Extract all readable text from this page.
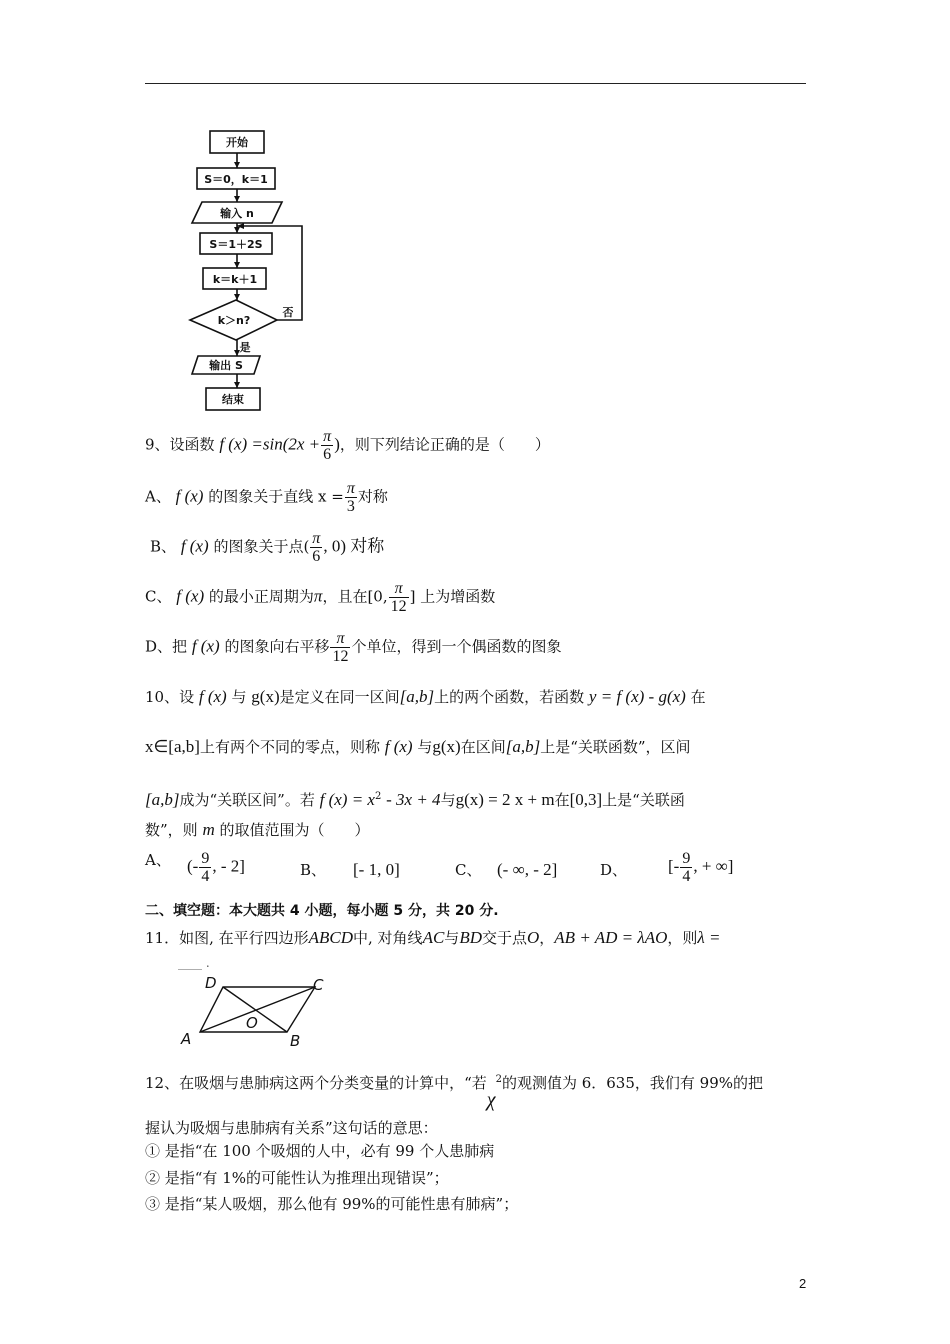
开始
S＝0，k＝1
输入 n
S＝1＋2S
k＝k＋1
k＞n?
否
是
输出 S
结束
9、设函数 f $(x) =\sin(2x + \frac{\pi}{6}$ )，则下列结论正确的是（　　）
A、 f (x) 的图象关于直线 $x = \frac{\pi}{3}$ 对称
B、 f (x) 的图象关于点( $\frac{\pi}{6}$ , 0) 对称
C、 f (x) 的最小正周期为π，且在[0, $\frac{\pi}{12}$ ] 上为增函数
D、把 f (x) 的图象向右平移 $\frac{\pi}{12}$ 个单位，得到一个偶函数的图象
10、设 f (x) 与 g(x)是定义在同一区间[a,b]上的两个函数，若函数 y = f (x) - g(x) 在
x∈[a,b]上有两个不同的零点，则称 f (x) 与g(x)在区间[a,b]上是“关联函数”，区间
[a,b]成为“关联区间”。若 f $(x) = x^2 - 3x + 4$与g(x) = 2 x + m在[0,3]上是“关联函
数”，则 m 的取值范围为（　　）
A、 (- $\frac{9}{4}$ , - 2]	B、 [- 1, 0]	C、 (- ∞, - 2]	D、 [- $\frac{9}{4}$ , + ∞]
二、填空题：本大题共 4 小题，每小题 5 分，共 20 分.
11．如图, 在平行四边形ABCD中, 对角线AC与BD交于点O，AB + AD = λAO，则λ =
____ .
D	C
A	B
O
12、在吸烟与患肺病这两个分类变量的计算中，“若$\chi^2$的观测值为 6．635，我们有 99%的把
握认为吸烟与患肺病有关系”这句话的意思：
① 是指“在 100 个吸烟的人中，必有 99 个人患肺病
② 是指“有 1%的可能性认为推理出现错误”；
③ 是指“某人吸烟，那么他有 99%的可能性患有肺病”；
2
